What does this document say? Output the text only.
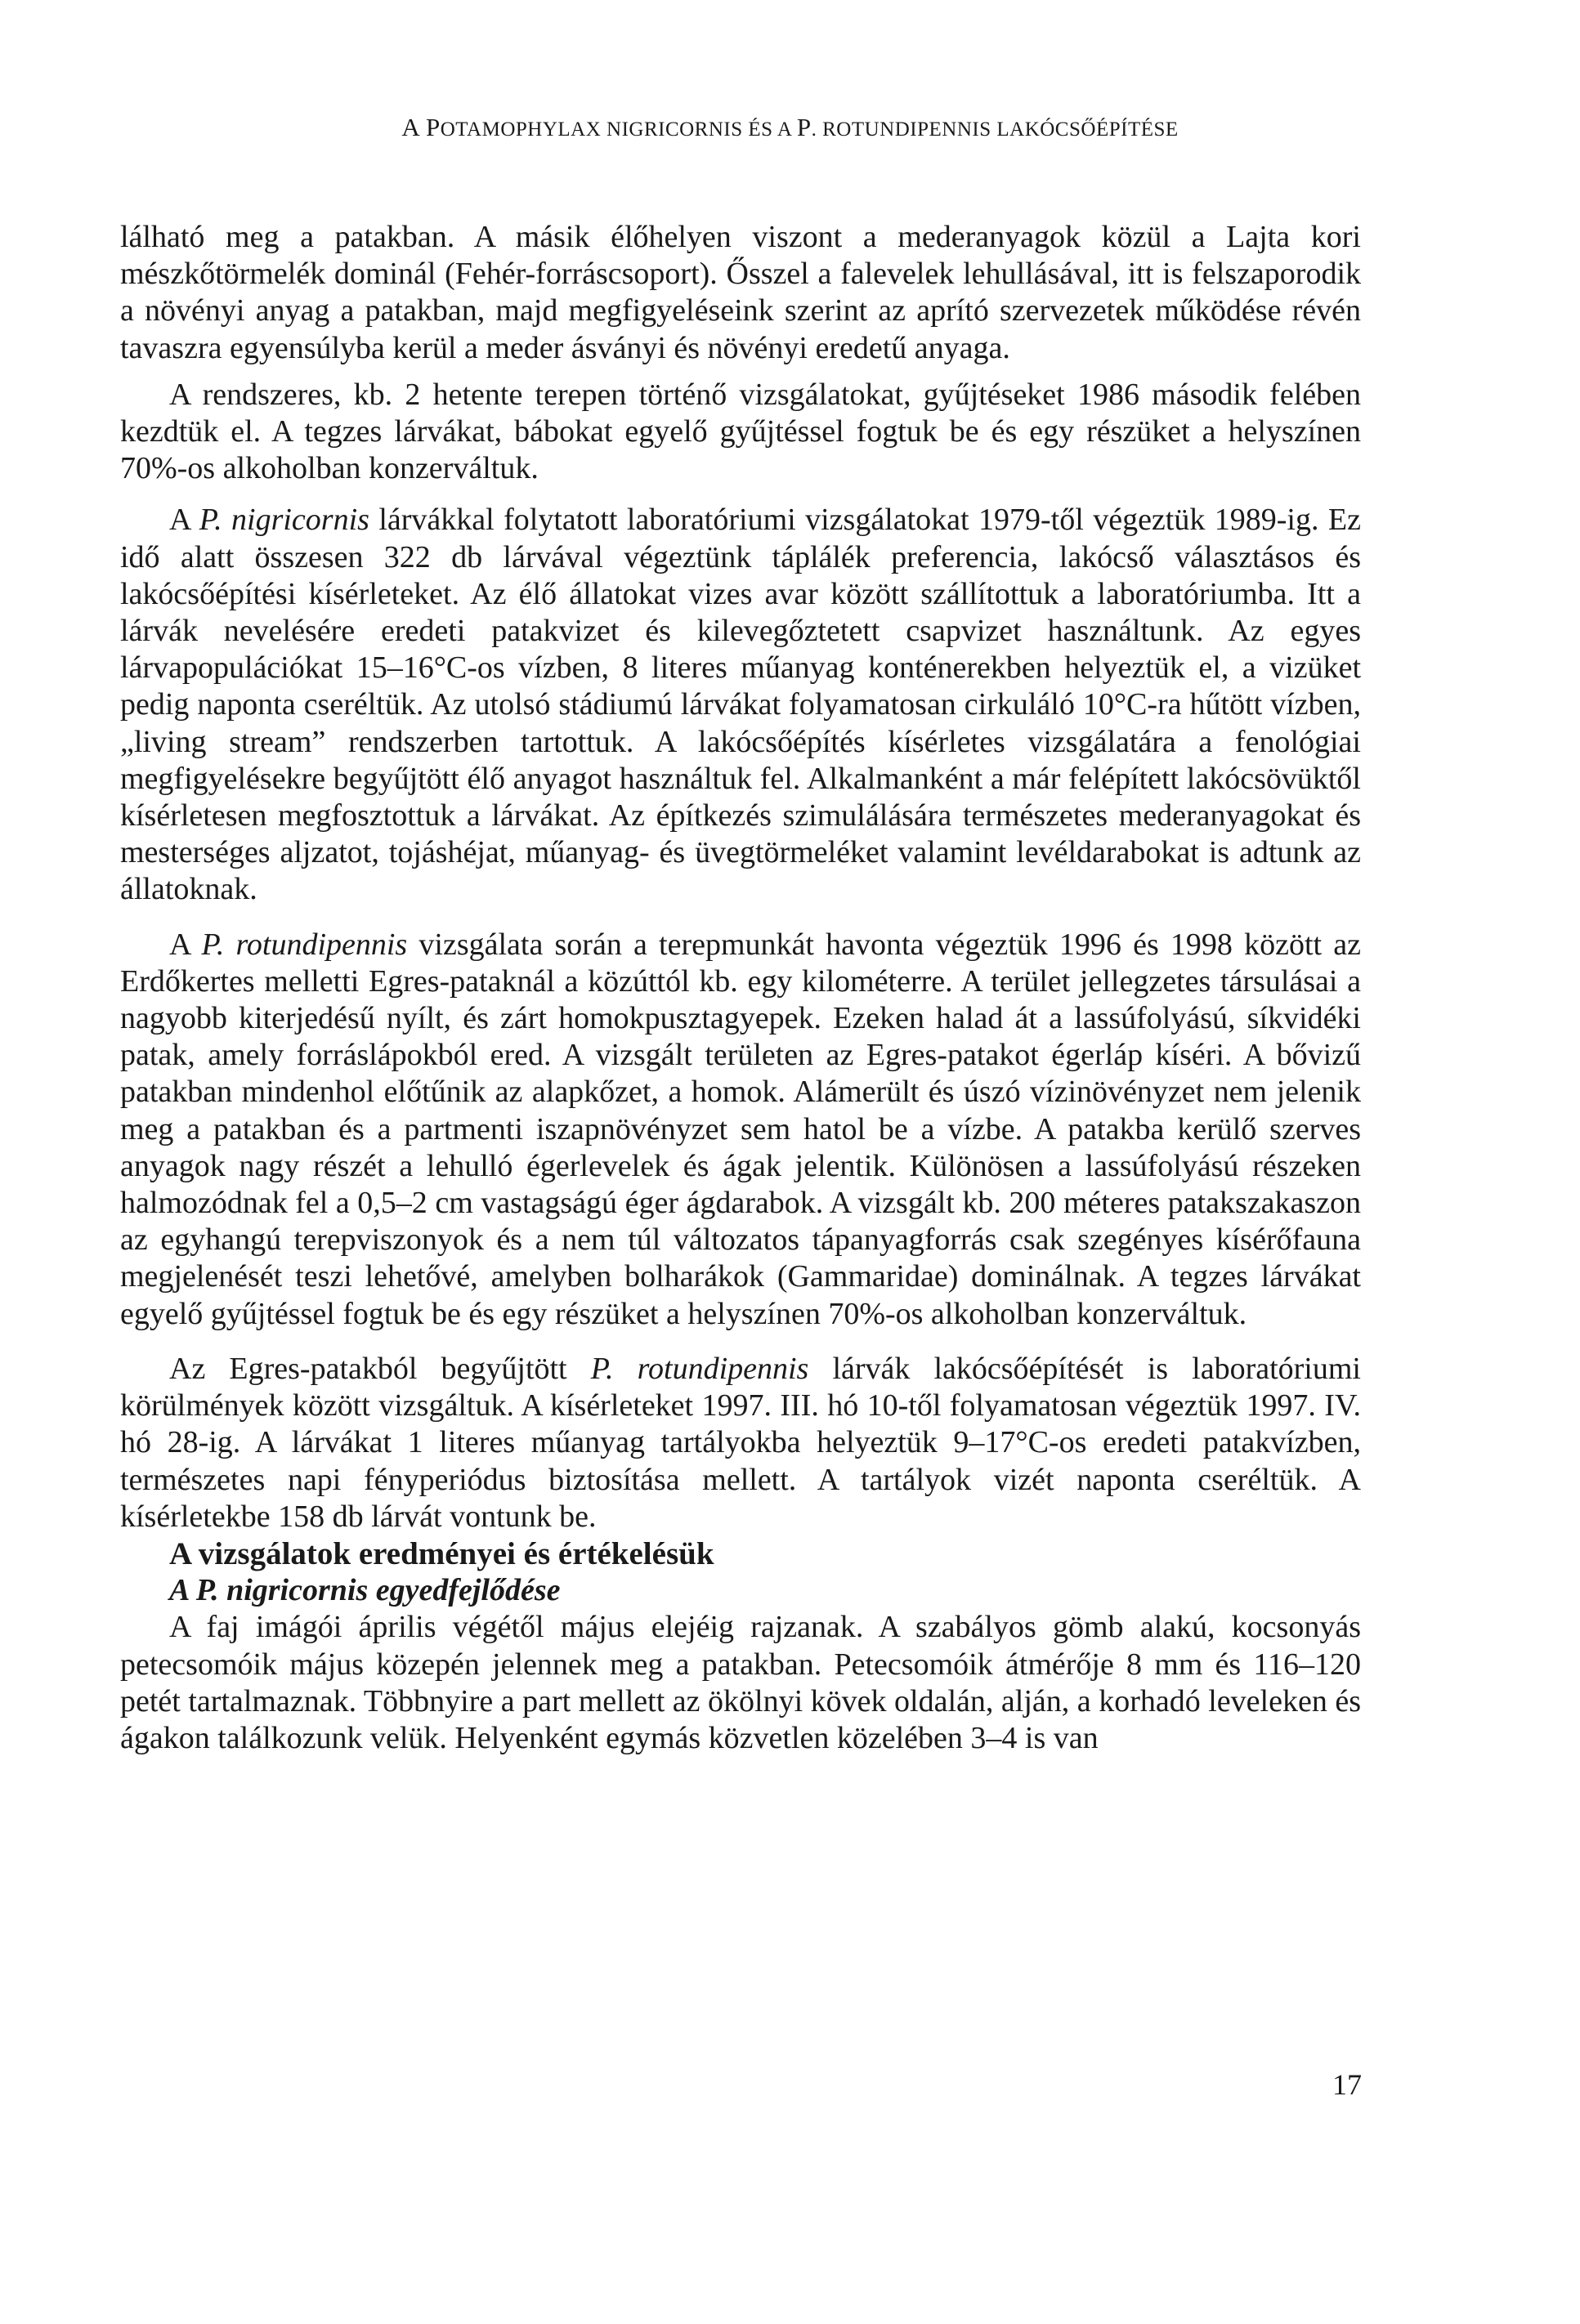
A POTAMOPHYLAX NIGRICORNIS ÉS A P. ROTUNDIPENNIS LAKÓCSŐÉPÍTÉSE

lálható meg a patakban. A másik élőhelyen viszont a mederanyagok közül a Lajta kori mészkőtörmelék dominál (Fehér-forráscsoport). Ősszel a falevelek lehullásával, itt is felszaporodik a növényi anyag a patakban, majd megfigyeléseink szerint az aprító szervezetek működése révén tavaszra egyensúlyba kerül a meder ásványi és növényi eredetű anyaga.

A rendszeres, kb. 2 hetente terepen történő vizsgálatokat, gyűjtéseket 1986 második felében kezdtük el. A tegzes lárvákat, bábokat egyelő gyűjtéssel fogtuk be és egy részüket a helyszínen 70%-os alkoholban konzerváltuk.

A P. nigricornis lárvákkal folytatott laboratóriumi vizsgálatokat 1979-től végeztük 1989-ig. Ez idő alatt összesen 322 db lárvával végeztünk táplálék preferencia, lakócső választásos és lakócsőépítési kísérleteket. Az élő állatokat vizes avar között szállítottuk a laboratóriumba. Itt a lárvák nevelésére eredeti patakvizet és kilevegőztetett csapvizet használtunk. Az egyes lárvapopulációkat 15–16°C-os vízben, 8 literes műanyag konténerekben helyeztük el, a vizüket pedig naponta cseréltük. Az utolsó stádiumú lárvákat folyamatosan cirkuláló 10°C-ra hűtött vízben, „living stream” rendszerben tartottuk. A lakócsőépítés kísérletes vizsgálatára a fenológiai megfigyelésekre begyűjtött élő anyagot használtuk fel. Alkalmanként a már felépített lakócsövüktől kísérletesen megfosztottuk a lárvákat. Az építkezés szimulálására természetes mederanyagokat és mesterséges aljzatot, tojáshéjat, műanyag- és üvegtörmeléket valamint levéldarabokat is adtunk az állatoknak.

A P. rotundipennis vizsgálata során a terepmunkát havonta végeztük 1996 és 1998 között az Erdőkertes melletti Egres-pataknál a közúttól kb. egy kilométerre. A terület jellegzetes társulásai a nagyobb kiterjedésű nyílt, és zárt homokpusztagyepek. Ezeken halad át a lassúfolyású, síkvidéki patak, amely forráslápokból ered. A vizsgált területen az Egres-patakot égerláp kíséri. A bővizű patakban mindenhol előtűnik az alapkőzet, a homok. Alámerült és úszó vízinövényzet nem jelenik meg a patakban és a partmenti iszapnövényzet sem hatol be a vízbe. A patakba kerülő szerves anyagok nagy részét a lehulló égerlevelek és ágak jelentik. Különösen a lassúfolyású részeken halmozódnak fel a 0,5–2 cm vastagságú éger ágdarabok. A vizsgált kb. 200 méteres patakszakaszon az egyhangú terepviszonyok és a nem túl változatos tápanyagforrás csak szegényes kísérőfauna megjelenését teszi lehetővé, amelyben bolharákok (Gammaridae) dominálnak. A tegzes lárvákat egyelő gyűjtéssel fogtuk be és egy részüket a helyszínen 70%-os alkoholban konzerváltuk.

Az Egres-patakból begyűjtött P. rotundipennis lárvák lakócsőépítését is laboratóriumi körülmények között vizsgáltuk. A kísérleteket 1997. III. hó 10-től folyamatosan végeztük 1997. IV. hó 28-ig. A lárvákat 1 literes műanyag tartályokba helyeztük 9–17°C-os eredeti patakvízben, természetes napi fényperiódus biztosítása mellett. A tartályok vizét naponta cseréltük. A kísérletekbe 158 db lárvát vontunk be.

A vizsgálatok eredményei és értékelésük

A P. nigricornis egyedfejlődése

A faj imágói április végétől május elejéig rajzanak. A szabályos gömb alakú, kocsonyás petecsomóik május közepén jelennek meg a patakban. Petecsomóik átmérője 8 mm és 116–120 petét tartalmaznak. Többnyire a part mellett az ökölnyi kövek oldalán, alján, a korhadó leveleken és ágakon találkozunk velük. Helyenként egymás közvetlen közelében 3–4 is van

17
